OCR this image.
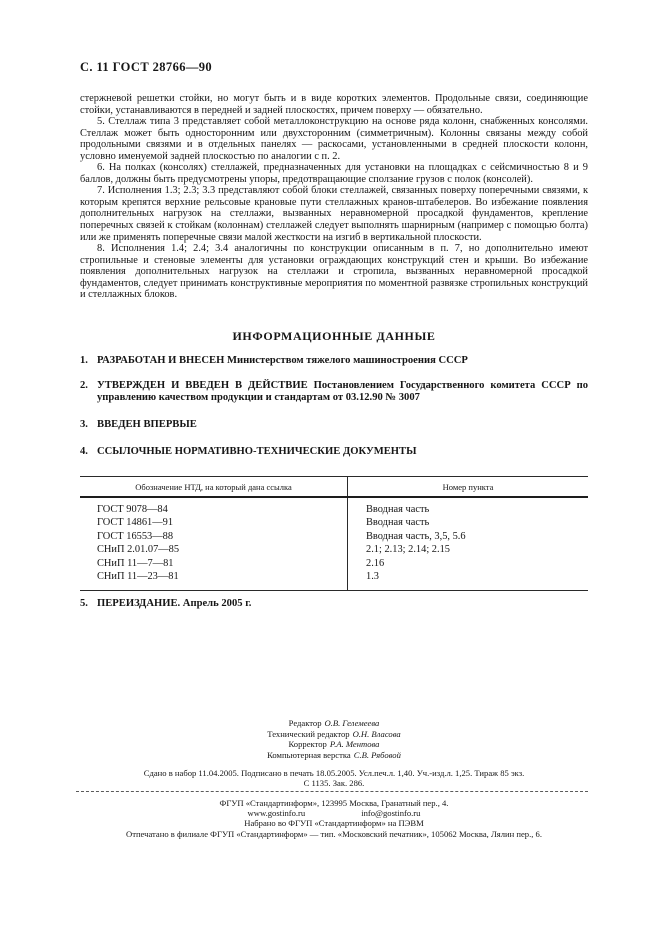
С. 11 ГОСТ 28766—90

стержневой решетки стойки, но могут быть и в виде коротких элементов. Продольные связи, соединяющие стойки, устанавливаются в передней и задней плоскостях, причем поверху — обязательно.

5. Стеллаж типа 3 представляет собой металлоконструкцию на основе ряда колонн, снабженных консолями. Стеллаж может быть односторонним или двухсторонним (симметричным). Колонны связаны между собой продольными связями и в отдельных панелях — раскосами, установленными в средней плоскости колонн, условно именуемой задней плоскостью по аналогии с п. 2.

6. На полках (консолях) стеллажей, предназначенных для установки на площадках с сейсмичностью 8 и 9 баллов, должны быть предусмотрены упоры, предотвращающие сползание грузов с полок (консолей).

7. Исполнения 1.3; 2.3; 3.3 представляют собой блоки стеллажей, связанных поверху поперечными связями, к которым крепятся верхние рельсовые крановые пути стеллажных кранов-штабелеров. Во избежание появления дополнительных нагрузок на стеллажи, вызванных неравномерной просадкой фундаментов, крепление поперечных связей к стойкам (колоннам) стеллажей следует выполнять шарнирным (например с помощью болта) или же применять поперечные связи малой жесткости на изгиб в вертикальной плоскости.

8. Исполнения 1.4; 2.4; 3.4 аналогичны по конструкции описанным в п. 7, но дополнительно имеют стропильные и стеновые элементы для установки ограждающих конструкций стен и крыши. Во избежание появления дополнительных нагрузок на стеллажи и стропила, вызванных неравномерной просадкой фундаментов, следует принимать конструктивные мероприятия по моментной развязке стропильных конструкций и стеллажных блоков.

ИНФОРМАЦИОННЫЕ ДАННЫЕ
1. РАЗРАБОТАН И ВНЕСЕН Министерством тяжелого машиностроения СССР
2. УТВЕРЖДЕН И ВВЕДЕН В ДЕЙСТВИЕ Постановлением Государственного комитета СССР по управлению качеством продукции и стандартам от 03.12.90 № 3007
3. ВВЕДЕН ВПЕРВЫЕ
4. ССЫЛОЧНЫЕ НОРМАТИВНО-ТЕХНИЧЕСКИЕ ДОКУМЕНТЫ
Обозначение НТД, на который дана ссылка	Номер пункта
ГОСТ 9078—84	Вводная часть
ГОСТ 14861—91	Вводная часть
ГОСТ 16553—88	Вводная часть, 3,5, 5.6
СНиП 2.01.07—85	2.1; 2.13; 2.14; 2.15
СНиП 11—7—81	2.16
СНиП 11—23—81	1.3
5. ПЕРЕИЗДАНИЕ. Апрель 2005 г.
Редактор О.В. Гелемеева
Технический редактор О.Н. Власова
Корректор Р.А. Ментова
Компьютерная верстка С.В. Рябовой
Сдано в набор 11.04.2005. Подписано в печать 18.05.2005. Усл.печ.л. 1,40. Уч.-изд.л. 1,25. Тираж 85 экз.
С 1135. Зак. 286.
ФГУП «Стандартинформ», 123995 Москва, Гранатный пер., 4.
www.gostinfo.ru	info@gostinfo.ru
Набрано во ФГУП «Стандартинформ» на ПЭВМ
Отпечатано в филиале ФГУП «Стандартинформ» — тип. «Московский печатник», 105062 Москва, Лялин пер., 6.
